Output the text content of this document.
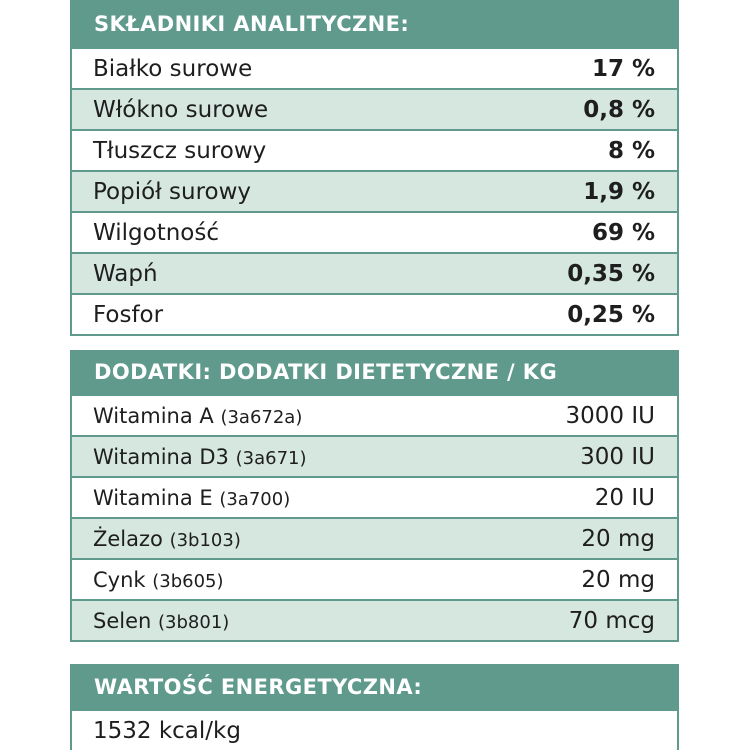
SKŁADNIKI ANALITYCZNE:
Białko surowe	17 %
Włókno surowe	0,8 %
Tłuszcz surowy	8 %
Popiół surowy	1,9 %
Wilgotność	69 %
Wapń	0,35 %
Fosfor	0,25 %
DODATKI: DODATKI DIETETYCZNE / KG
Witamina A (3a672a)	3000 IU
Witamina D3 (3a671)	300 IU
Witamina E (3a700)	20 IU
Żelazo (3b103)	20 mg
Cynk (3b605)	20 mg
Selen (3b801)	70 mcg
WARTOŚĆ ENERGETYCZNA:
1532 kcal/kg
